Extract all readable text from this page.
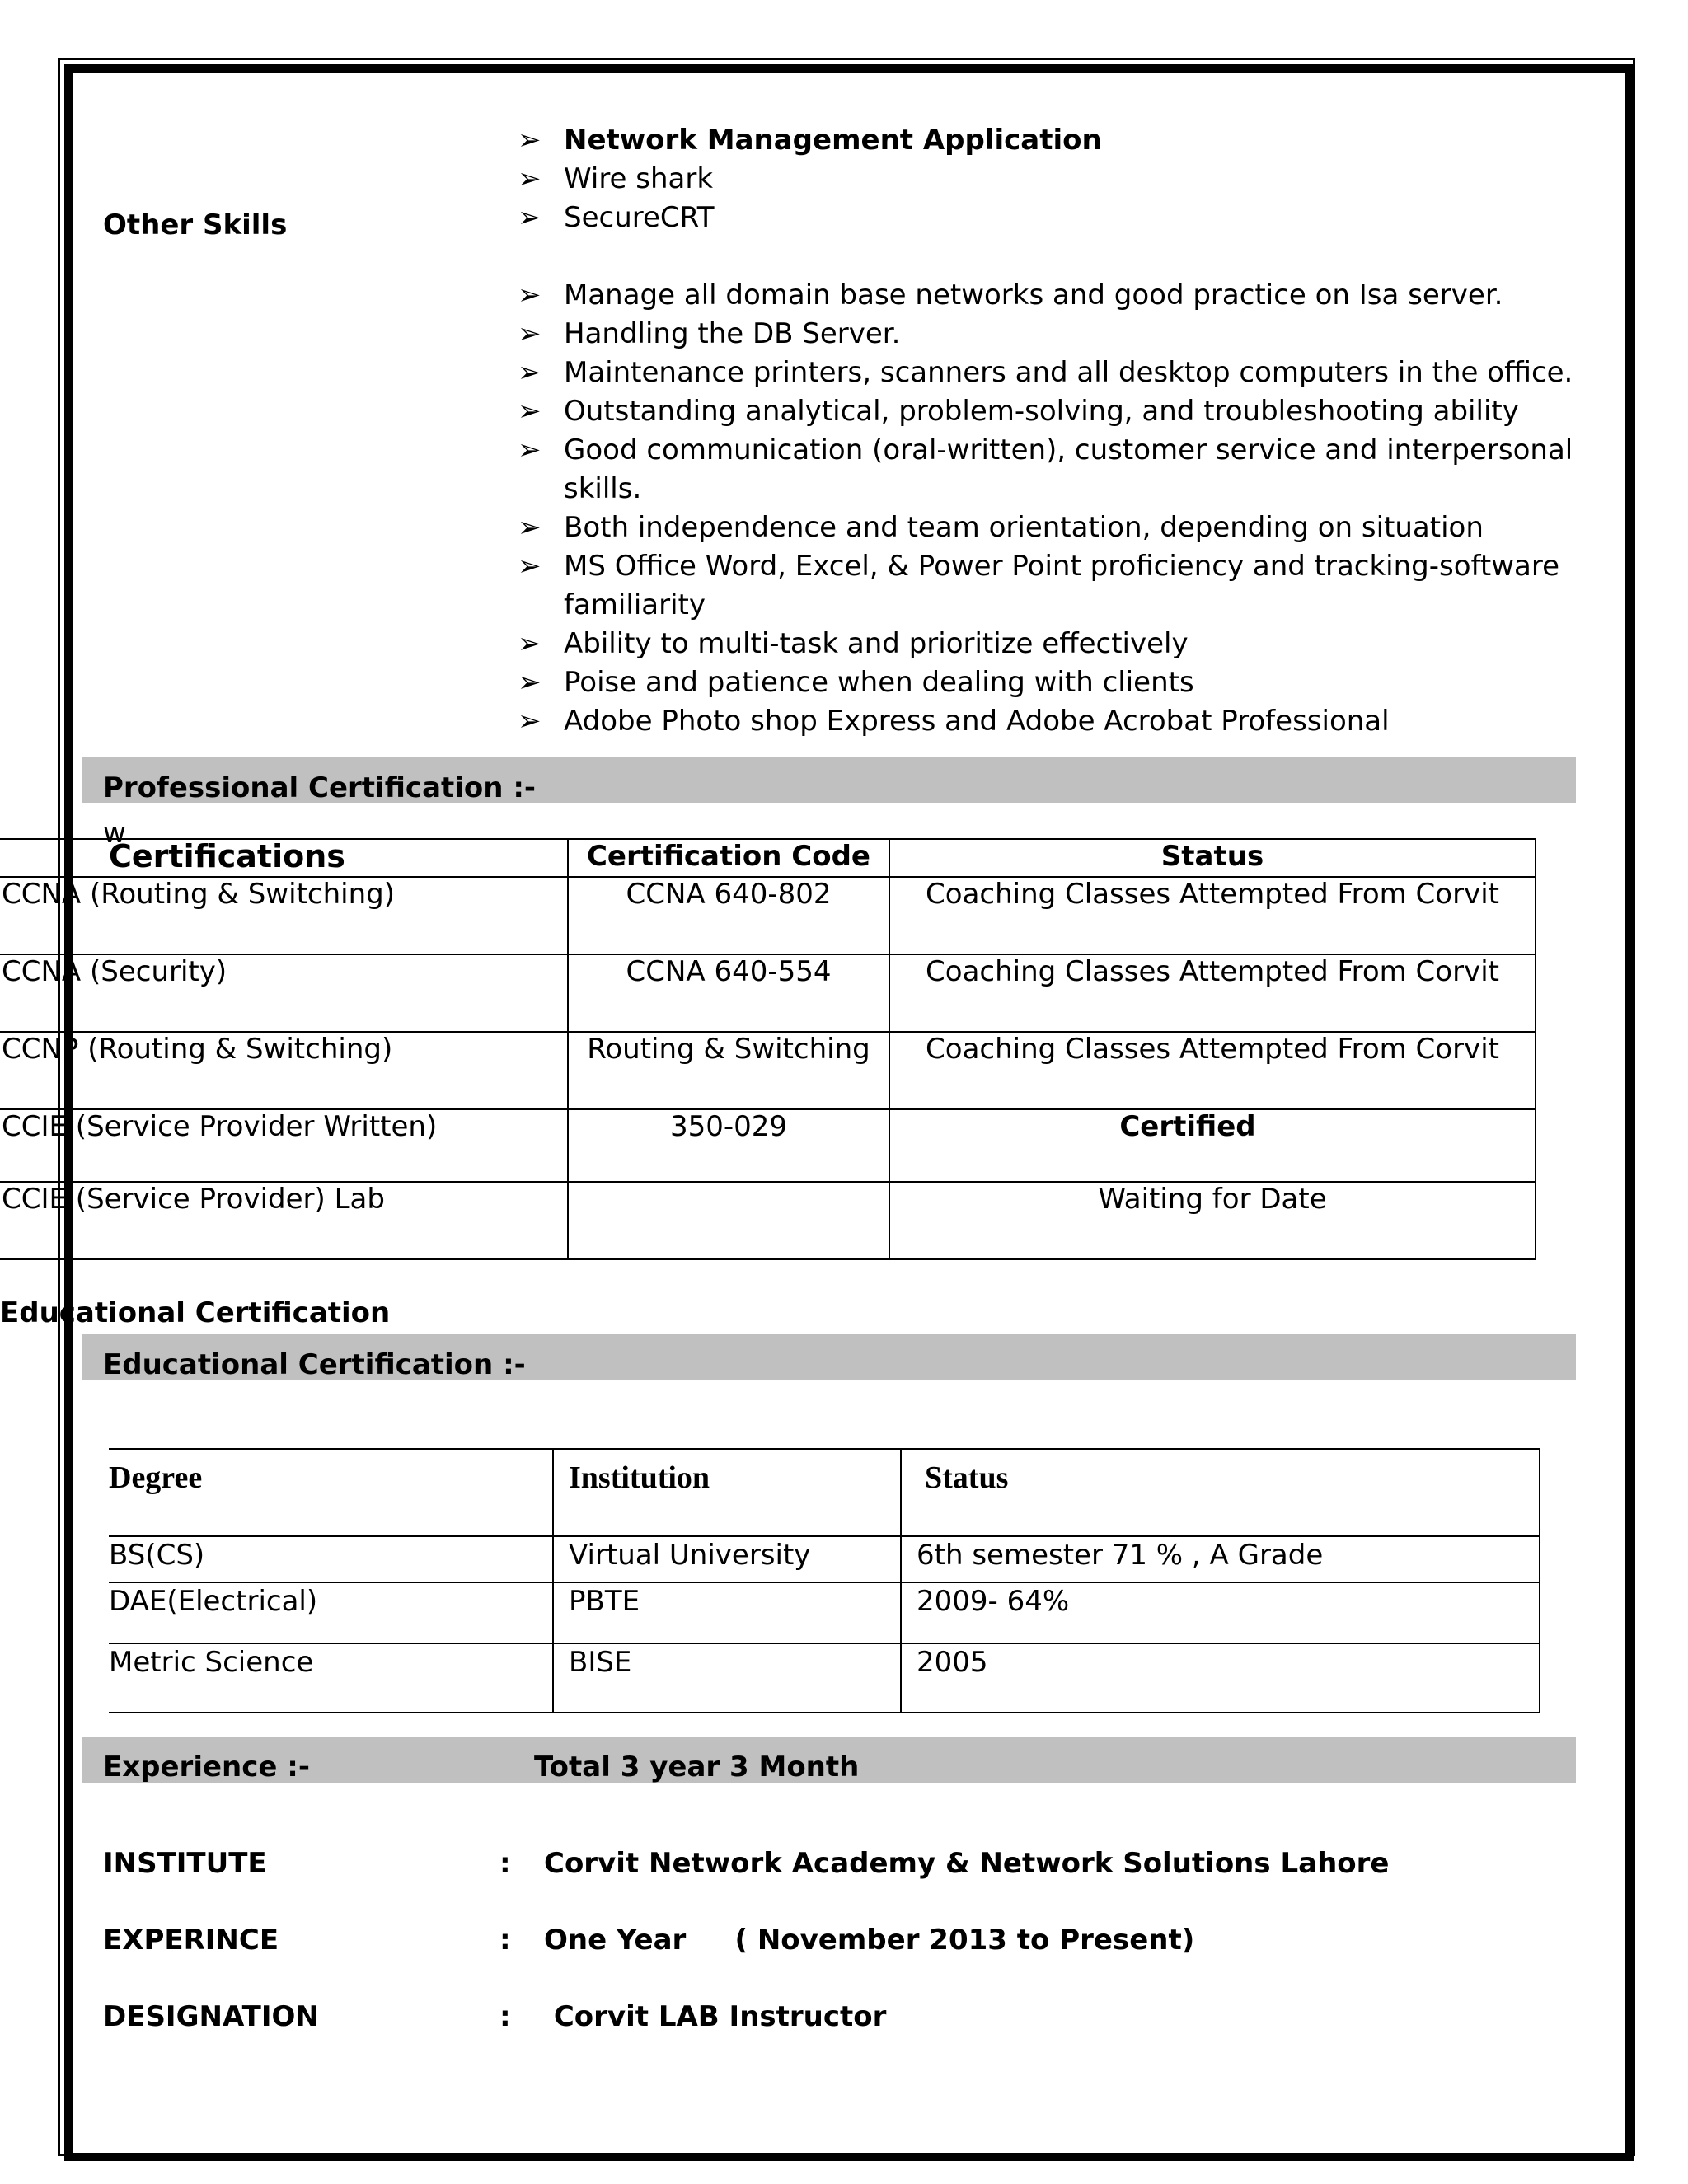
Other Skills
➢ Network Management Application
➢ Wire shark
➢ SecureCRT
➢ Manage all domain base networks and good practice on Isa server.
➢ Handling the DB Server.
➢ Maintenance printers, scanners and all desktop computers in the office.
➢ Outstanding analytical, problem-solving, and troubleshooting ability
➢ Good communication (oral-written), customer service and interpersonal
skills.
➢ Both independence and team orientation, depending on situation
➢ MS Office Word, Excel, & Power Point proficiency and tracking-software
familiarity
➢ Ability to multi-task and prioritize effectively
➢ Poise and patience when dealing with clients
➢ Adobe Photo shop Express and Adobe Acrobat Professional
Professional Certification :-
w
Certifications	Certification Code	Status
CCNA (Routing & Switching)	CCNA 640-802	Coaching Classes Attempted From Corvit
CCNA (Security)	CCNA 640-554	Coaching Classes Attempted From Corvit
CCNP (Routing & Switching)	Routing & Switching	Coaching Classes Attempted From Corvit
CCIE (Service Provider Written)	350-029	Certified
CCIE (Service Provider) Lab		Waiting for Date
Educational Certification
Educational Certification :-
Degree	Institution	Status
BS(CS)	Virtual University	6th semester 71 % , A Grade
DAE(Electrical)	PBTE	2009- 64%
Metric Science	BISE	2005
Experience :-	Total 3 year 3 Month
INSTITUTE	: Corvit Network Academy & Network Solutions Lahore
EXPERINCE	: One Year     ( November 2013 to Present)
DESIGNATION	: Corvit LAB Instructor
